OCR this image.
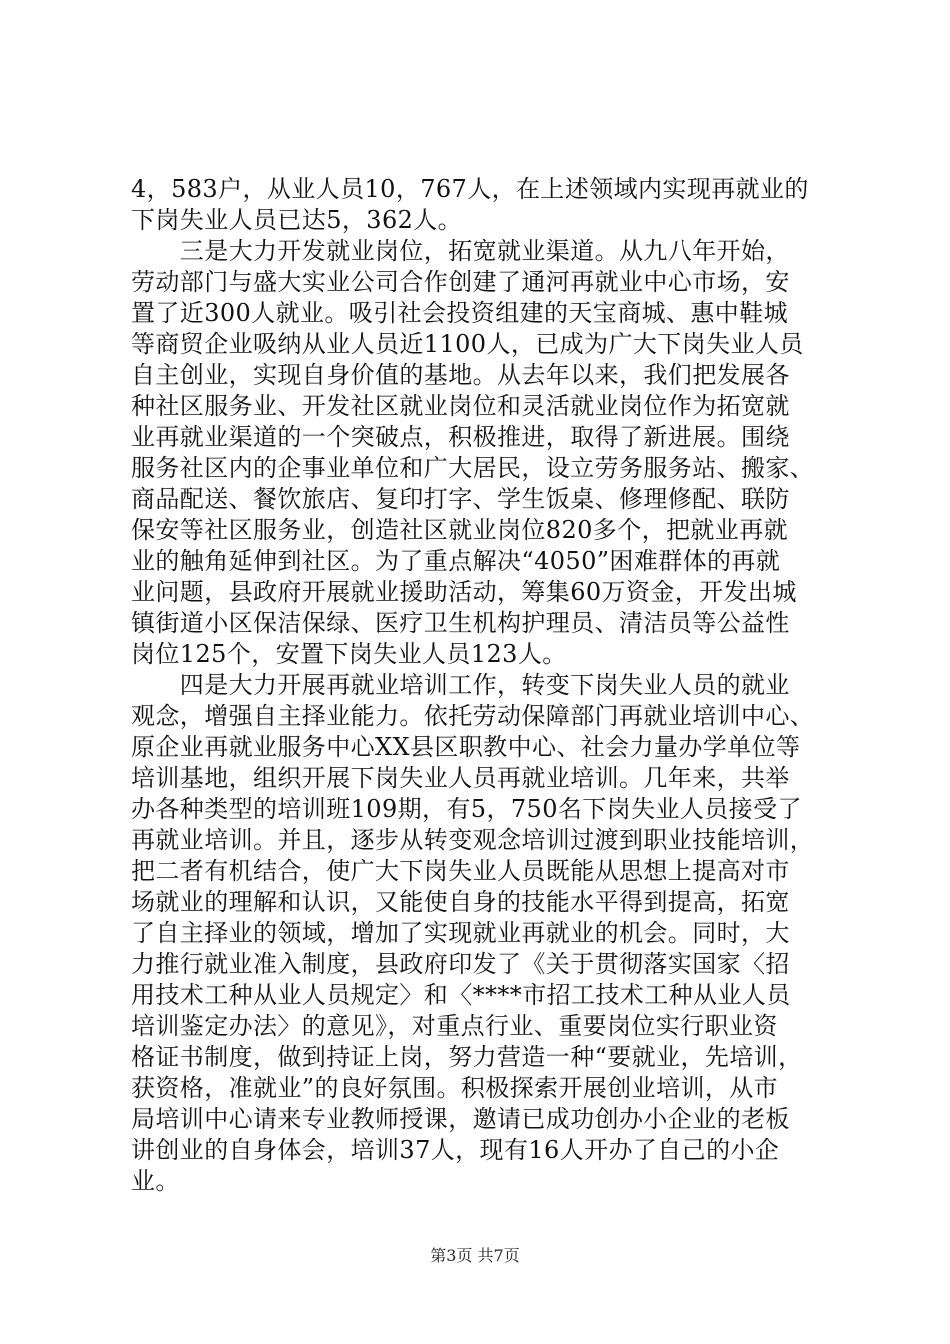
4，583户，从业人员10，767人，在上述领域内实现再就业的
下岗失业人员已达5，362人。
　　三是大力开发就业岗位，拓宽就业渠道。从九八年开始，
劳动部门与盛大实业公司合作创建了通河再就业中心市场，安
置了近300人就业。吸引社会投资组建的天宝商城、惠中鞋城
等商贸企业吸纳从业人员近1100人，已成为广大下岗失业人员
自主创业，实现自身价值的基地。从去年以来，我们把发展各
种社区服务业、开发社区就业岗位和灵活就业岗位作为拓宽就
业再就业渠道的一个突破点，积极推进，取得了新进展。围绕
服务社区内的企事业单位和广大居民，设立劳务服务站、搬家、
商品配送、餐饮旅店、复印打字、学生饭桌、修理修配、联防
保安等社区服务业，创造社区就业岗位820多个，把就业再就
业的触角延伸到社区。为了重点解决“4050”困难群体的再就
业问题，县政府开展就业援助活动，筹集60万资金，开发出城
镇街道小区保洁保绿、医疗卫生机构护理员、清洁员等公益性
岗位125个，安置下岗失业人员123人。
　　四是大力开展再就业培训工作，转变下岗失业人员的就业
观念，增强自主择业能力。依托劳动保障部门再就业培训中心、
原企业再就业服务中心XX县区职教中心、社会力量办学单位等
培训基地，组织开展下岗失业人员再就业培训。几年来，共举
办各种类型的培训班109期，有5，750名下岗失业人员接受了
再就业培训。并且，逐步从转变观念培训过渡到职业技能培训，
把二者有机结合，使广大下岗失业人员既能从思想上提高对市
场就业的理解和认识，又能使自身的技能水平得到提高，拓宽
了自主择业的领域，增加了实现就业再就业的机会。同时，大
力推行就业准入制度，县政府印发了《关于贯彻落实国家〈招
用技术工种从业人员规定〉和〈****市招工技术工种从业人员
培训鉴定办法〉的意见》，对重点行业、重要岗位实行职业资
格证书制度，做到持证上岗，努力营造一种“要就业，先培训，
获资格，准就业”的良好氛围。积极探索开展创业培训，从市
局培训中心请来专业教师授课，邀请已成功创办小企业的老板
讲创业的自身体会，培训37人，现有16人开办了自己的小企
业。
第3页 共7页
